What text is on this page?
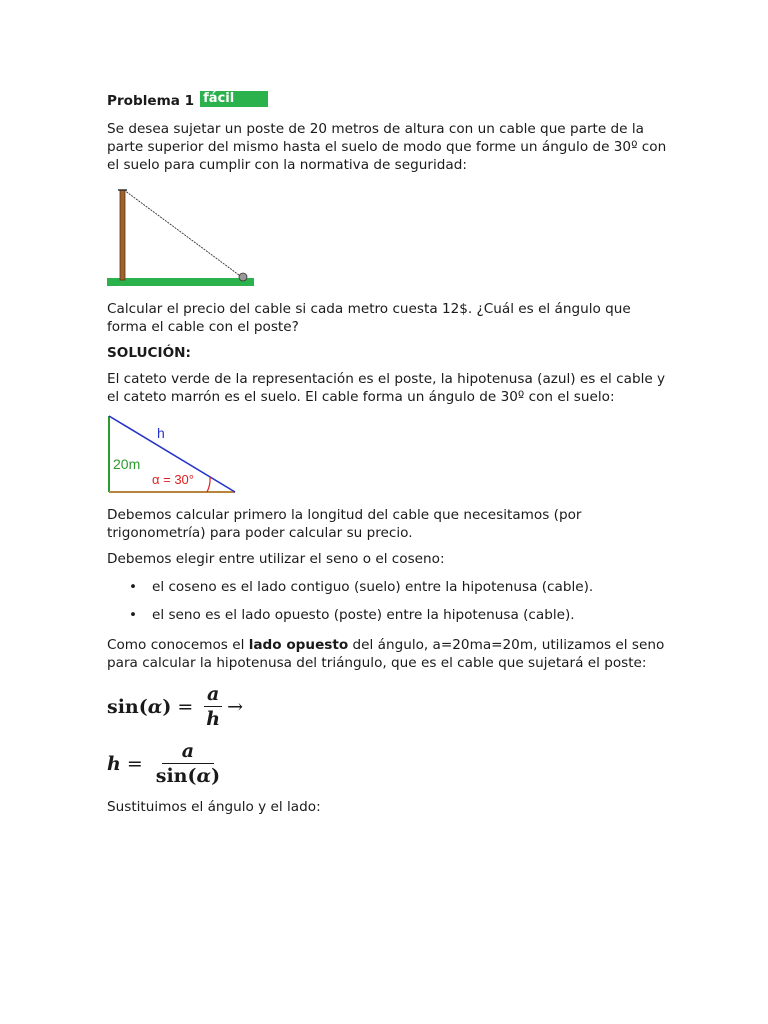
Problema 1 fácil

Se desea sujetar un poste de 20 metros de altura con un cable que parte de la parte superior del mismo hasta el suelo de modo que forme un ángulo de 30º con el suelo para cumplir con la normativa de seguridad:

Calcular el precio del cable si cada metro cuesta 12$. ¿Cuál es el ángulo que forma el cable con el poste?

SOLUCIÓN:

El cateto verde de la representación es el poste, la hipotenusa (azul) es el cable y el cateto marrón es el suelo. El cable forma un ángulo de 30º con el suelo:

h
20m
α = 30°

Debemos calcular primero la longitud del cable que necesitamos (por trigonometría) para poder calcular su precio.

Debemos elegir entre utilizar el seno o el coseno:

• el coseno es el lado contiguo (suelo) entre la hipotenusa (cable).
• el seno es el lado opuesto (poste) entre la hipotenusa (cable).

Como conocemos el lado opuesto del ángulo, a=20ma=20m, utilizamos el seno para calcular la hipotenusa del triángulo, que es el cable que sujetará el poste:

sin ( α ) = $\frac{a}{h}$ →
$h = \frac{a}{\sin(\alpha)}$

Sustituimos el ángulo y el lado:
